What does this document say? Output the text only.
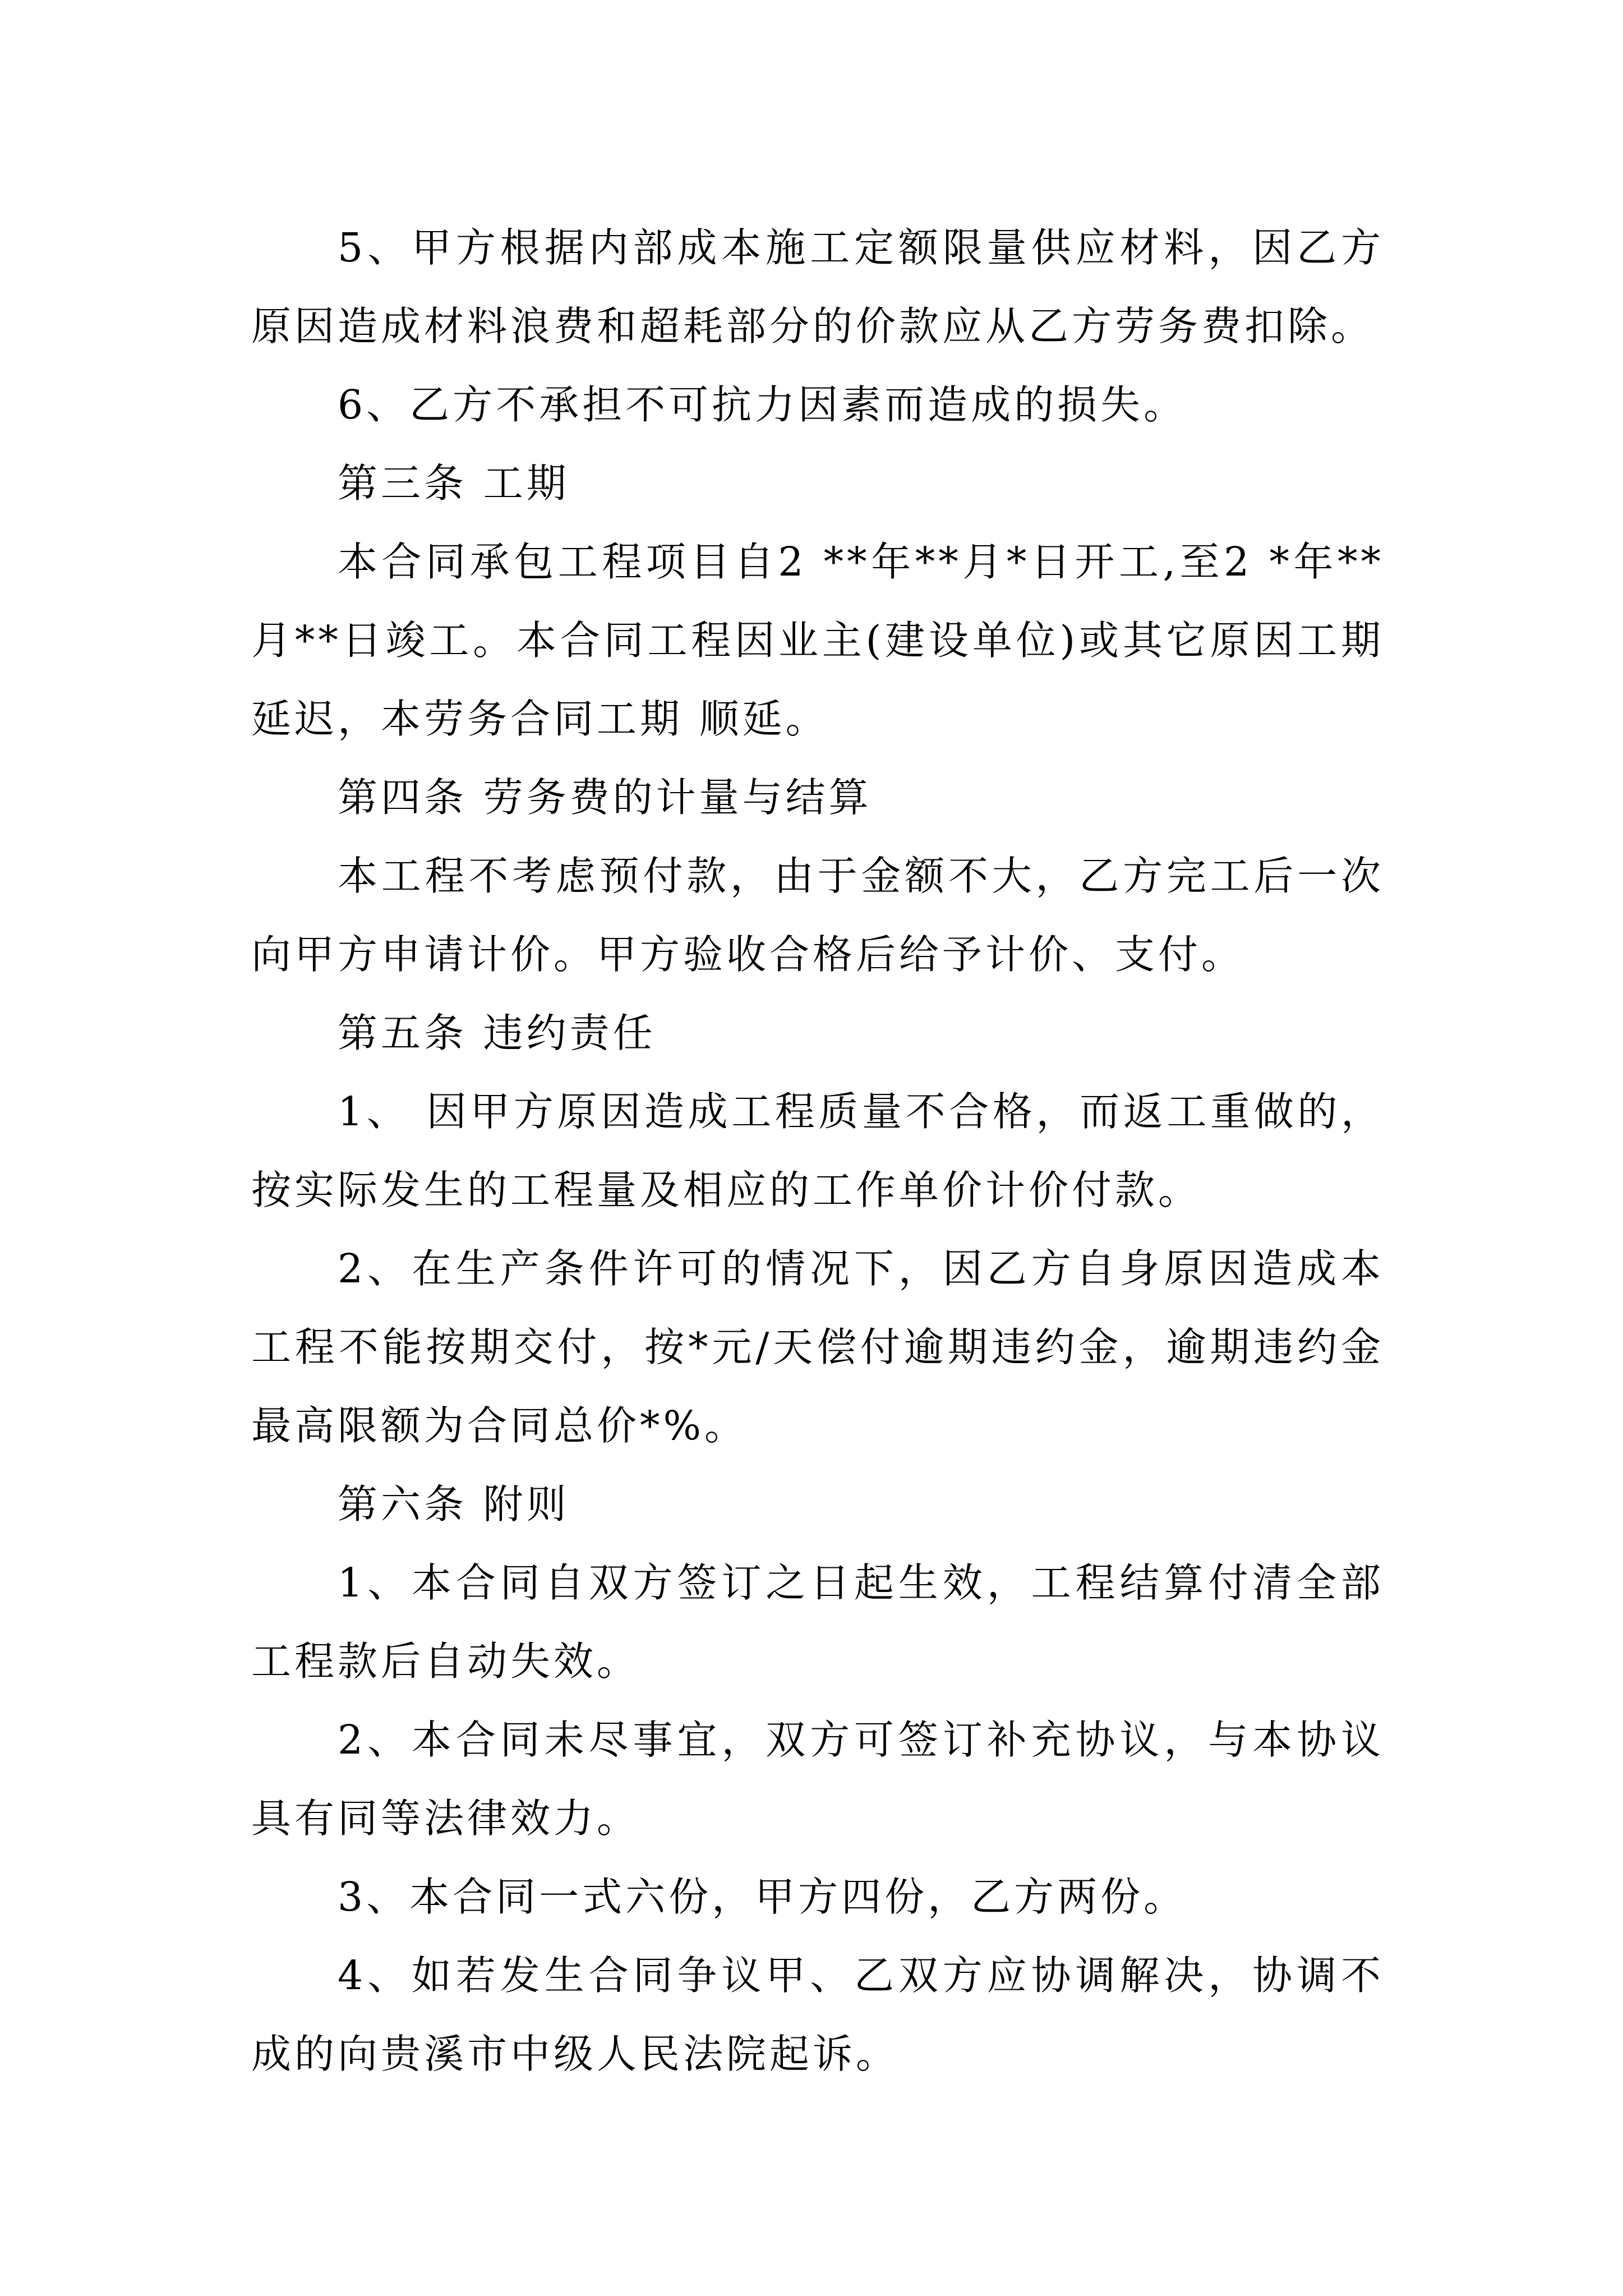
5、甲方根据内部成本施工定额限量供应材料，因乙方原因造成材料浪费和超耗部分的价款应从乙方劳务费扣除。

6、乙方不承担不可抗力因素而造成的损失。

第三条 工期

本合同承包工程项目自2 **年**月*日开工,至2 *年**月**日竣工。本合同工程因业主(建设单位)或其它原因工期延迟，本劳务合同工期 顺延。

第四条 劳务费的计量与结算

本工程不考虑预付款，由于金额不大，乙方完工后一次向甲方申请计价。甲方验收合格后给予计价、支付。

第五条 违约责任

1、 因甲方原因造成工程质量不合格，而返工重做的，按实际发生的工程量及相应的工作单价计价付款。

2、在生产条件许可的情况下，因乙方自身原因造成本工程不能按期交付，按*元/天偿付逾期违约金，逾期违约金最高限额为合同总价*%。

第六条 附则

1、本合同自双方签订之日起生效，工程结算付清全部工程款后自动失效。

2、本合同未尽事宜，双方可签订补充协议，与本协议具有同等法律效力。

3、本合同一式六份，甲方四份，乙方两份。

4、如若发生合同争议甲、乙双方应协调解决，协调不成的向贵溪市中级人民法院起诉。
